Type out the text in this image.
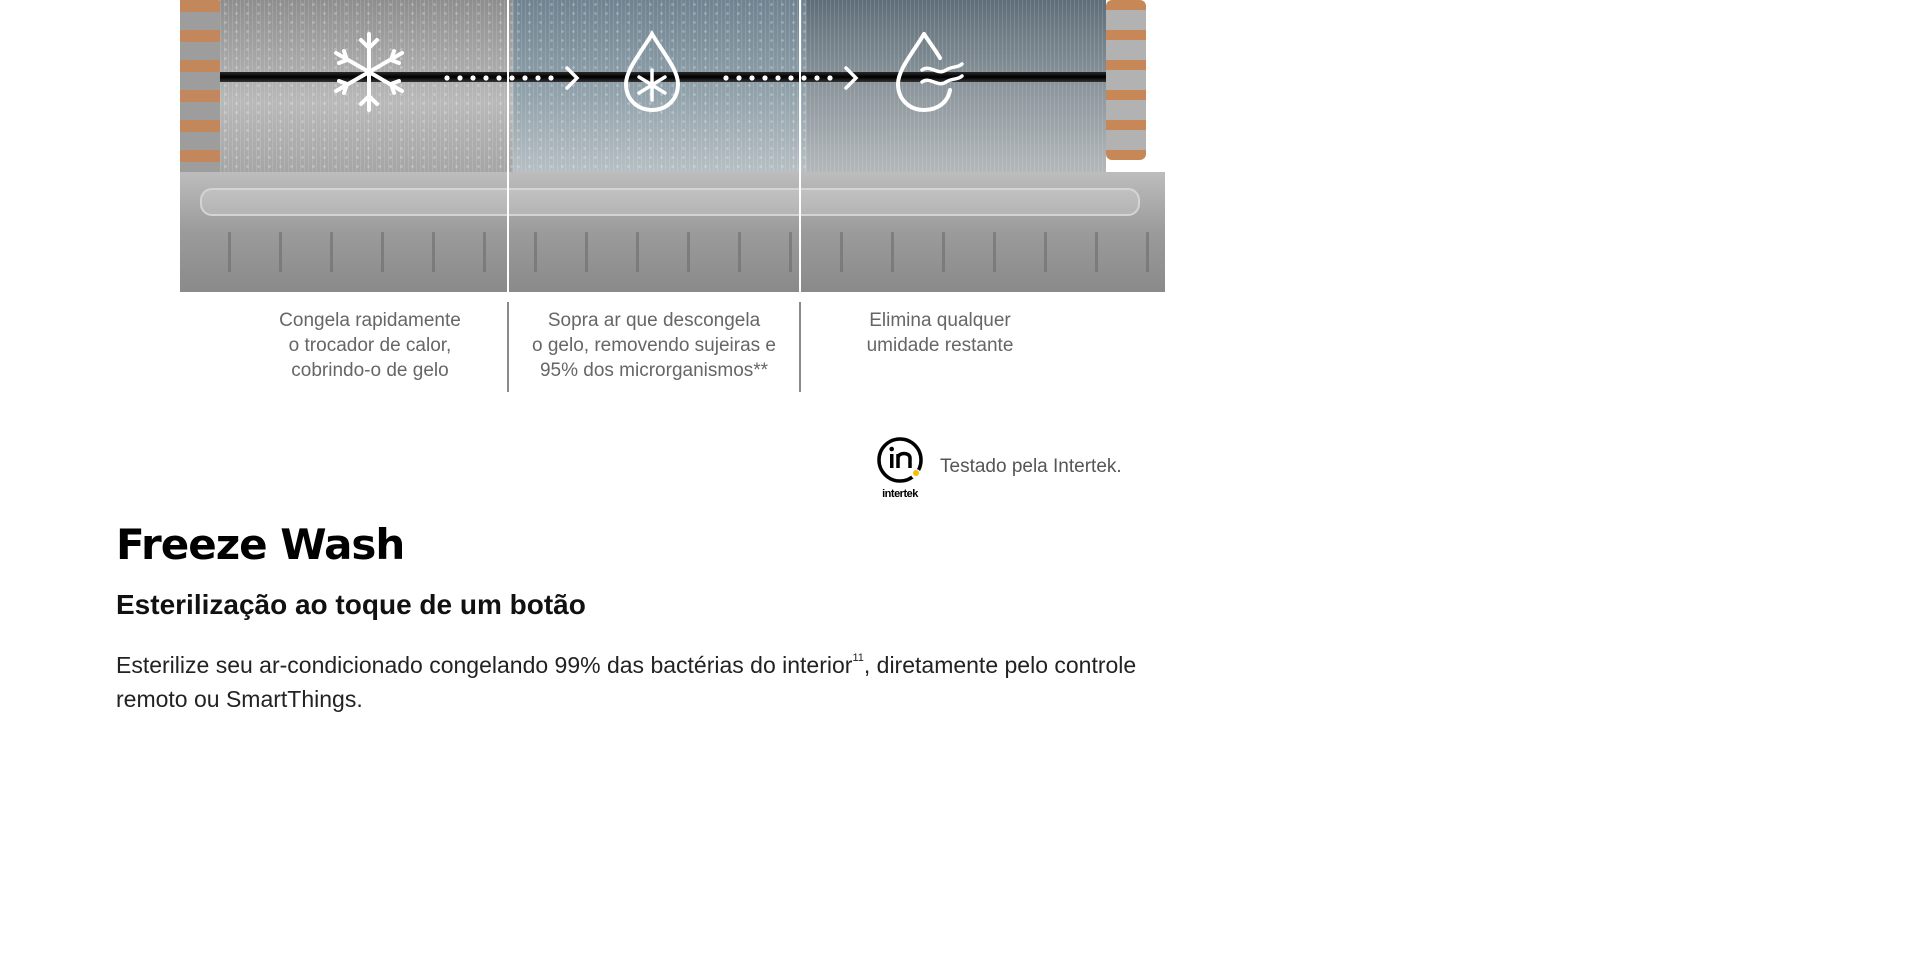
Congela rapidamente
o trocador de calor,
cobrindo-o de gelo
Sopra ar que descongela
o gelo, removendo sujeiras e
95% dos microrganismos**
Elimina qualquer
umidade restante
intertek
Testado pela Intertek.
Freeze Wash
Esterilização ao toque de um botão

Esterilize seu ar-condicionado congelando 99% das bactérias do interior$^{11}$, diretamente pelo controle remoto ou SmartThings.
